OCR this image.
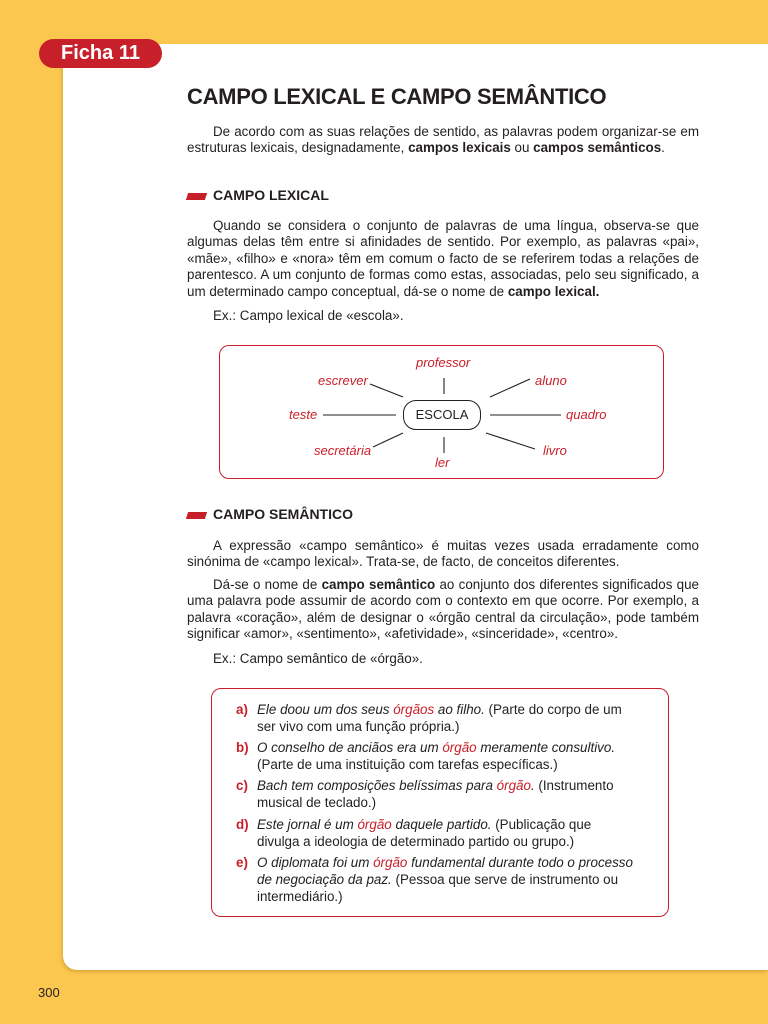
Ficha 11
CAMPO LEXICAL E CAMPO SEMÂNTICO

De acordo com as suas relações de sentido, as palavras podem organizar-se em estruturas lexicais, designadamente, campos lexicais ou campos semânticos.

CAMPO LEXICAL

Quando se considera o conjunto de palavras de uma língua, observa-se que algumas delas têm entre si afinidades de sentido. Por exemplo, as palavras «pai», «mãe», «filho» e «nora» têm em comum o facto de se referirem todas a relações de parentesco. A um conjunto de formas como estas, associadas, pelo seu significado, a um determinado campo conceptual, dá-se o nome de campo lexical.

Ex.: Campo lexical de «escola».

ESCOLA
professor
escrever	aluno
teste	quadro
secretária	livro
ler
CAMPO SEMÂNTICO

A expressão «campo semântico» é muitas vezes usada erradamente como sinónima de «campo lexical». Trata-se, de facto, de conceitos diferentes.

Dá-se o nome de campo semântico ao conjunto dos diferentes significados que uma palavra pode assumir de acordo com o contexto em que ocorre. Por exemplo, a palavra «coração», além de designar o «órgão central da circulação», pode também significar «amor», «sentimento», «afetividade», «sinceridade», «centro».

Ex.: Campo semântico de «órgão».

a) Ele doou um dos seus órgãos ao filho. (Parte do corpo de um ser vivo com uma função própria.)
b) O conselho de anciãos era um órgão meramente consultivo. (Parte de uma instituição com tarefas específicas.)
c) Bach tem composições belíssimas para órgão. (Instrumento musical de teclado.)
d) Este jornal é um órgão daquele partido. (Publicação que divulga a ideologia de determinado partido ou grupo.)
e) O diplomata foi um órgão fundamental durante todo o processo de negociação da paz. (Pessoa que serve de instrumento ou intermediário.)
300
